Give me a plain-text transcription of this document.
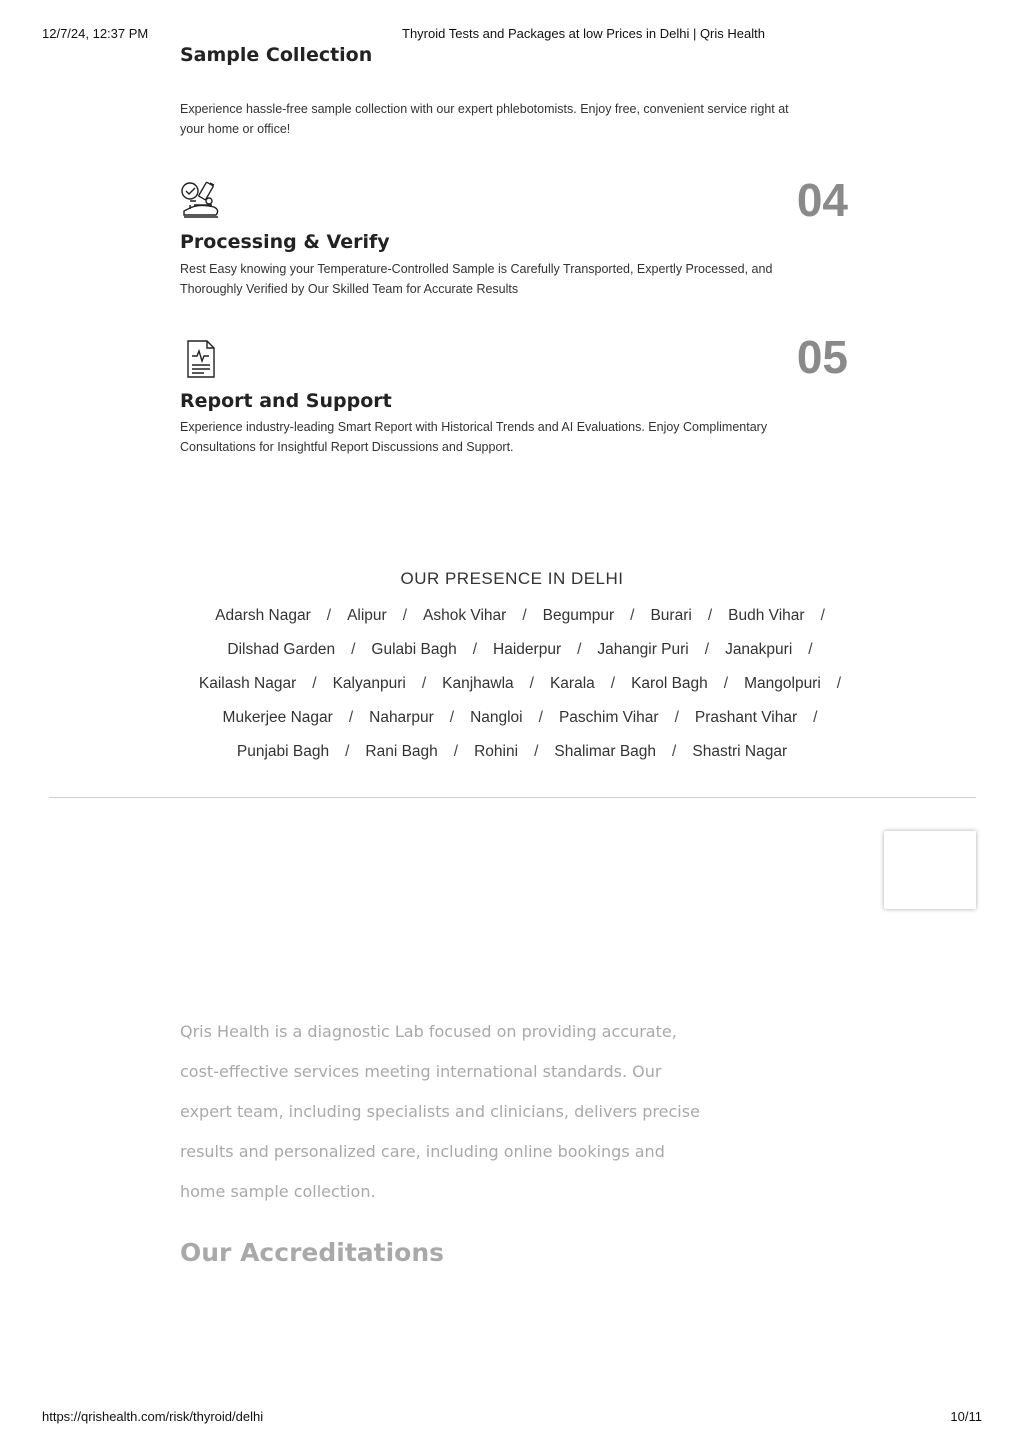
12/7/24, 12:37 PM	Thyroid Tests and Packages at low Prices in Delhi | Qris Health
Sample Collection

Experience hassle-free sample collection with our expert phlebotomists. Enjoy free, convenient service right at your home or office!

04
Processing & Verify

Rest Easy knowing your Temperature-Controlled Sample is Carefully Transported, Expertly Processed, and Thoroughly Verified by Our Skilled Team for Accurate Results

05
Report and Support

Experience industry-leading Smart Report with Historical Trends and AI Evaluations. Enjoy Complimentary Consultations for Insightful Report Discussions and Support.

OUR PRESENCE IN DELHI
Adarsh Nagar	/	Alipur	/	Ashok Vihar	/	Begumpur	/	Burari	/	Budh Vihar	/
Dilshad Garden	/	Gulabi Bagh	/	Haiderpur	/	Jahangir Puri	/	Janakpuri	/
Kailash Nagar	/	Kalyanpuri	/	Kanjhawla	/	Karala	/	Karol Bagh	/	Mangolpuri	/
Mukerjee Nagar	/	Naharpur	/	Nangloi	/	Paschim Vihar	/	Prashant Vihar	/
Punjabi Bagh	/	Rani Bagh	/	Rohini	/	Shalimar Bagh	/	Shastri Nagar
Qris Health is a diagnostic Lab focused on providing accurate, cost-effective services meeting international standards. Our expert team, including specialists and clinicians, delivers precise results and personalized care, including online bookings and home sample collection.
Our Accreditations
https://qrishealth.com/risk/thyroid/delhi	10/11
